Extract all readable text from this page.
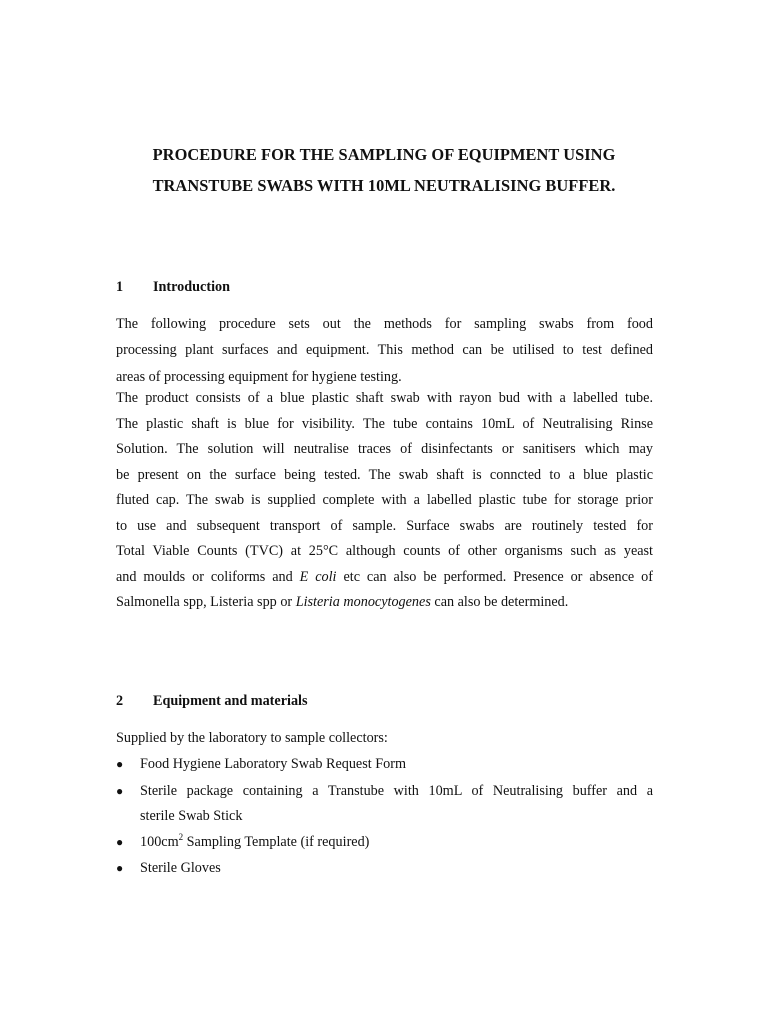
PROCEDURE FOR THE SAMPLING OF EQUIPMENT USING
TRANSTUBE SWABS WITH 10ML NEUTRALISING BUFFER.
1 Introduction
The following procedure sets out the methods for sampling swabs from food
processing plant surfaces and equipment. This method can be utilised to test defined
areas of processing equipment for hygiene testing.
The product consists of a blue plastic shaft swab with rayon bud with a labelled tube.
The plastic shaft is blue for visibility. The tube contains 10mL of Neutralising Rinse
Solution. The solution will neutralise traces of disinfectants or sanitisers which may
be present on the surface being tested. The swab shaft is conncted to a blue plastic
fluted cap. The swab is supplied complete with a labelled plastic tube for storage prior
to use and subsequent transport of sample. Surface swabs are routinely tested for
Total Viable Counts (TVC) at 25°C although counts of other organisms such as yeast
and moulds or coliforms and E coli etc can also be performed. Presence or absence of
Salmonella spp, Listeria spp or Listeria monocytogenes can also be determined.
2 Equipment and materials
Supplied by the laboratory to sample collectors:
●	Food Hygiene Laboratory Swab Request Form
●	Sterile package containing a Transtube with 10mL of Neutralising buffer and a
sterile Swab Stick
●	$100cm^2$ Sampling Template (if required)
●	Sterile Gloves
